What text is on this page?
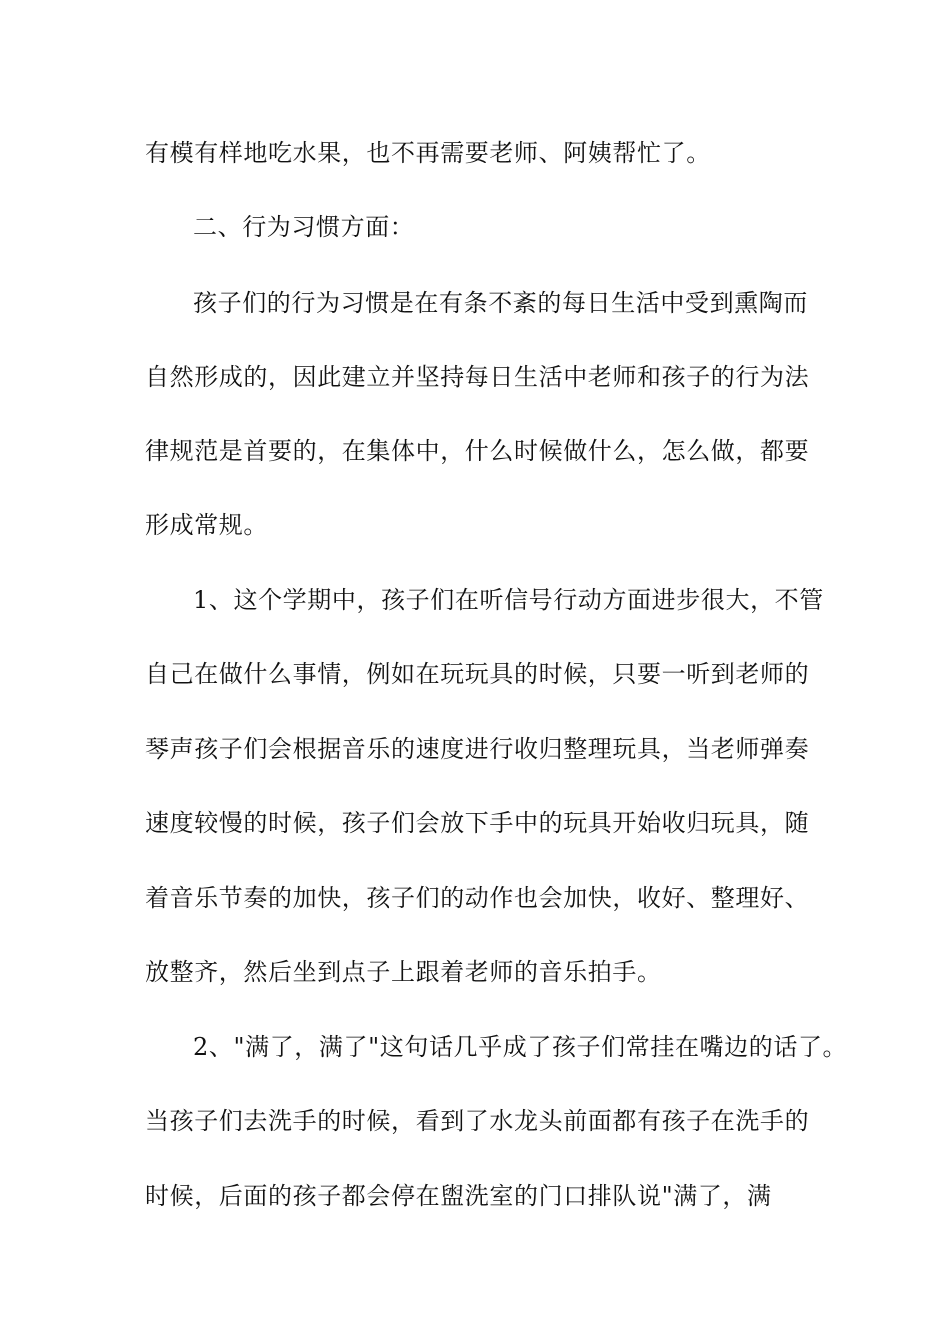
有模有样地吃水果，也不再需要老师、阿姨帮忙了。
二、行为习惯方面：
孩子们的行为习惯是在有条不紊的每日生活中受到熏陶而
自然形成的，因此建立并坚持每日生活中老师和孩子的行为法
律规范是首要的，在集体中，什么时候做什么，怎么做，都要
形成常规。
1、这个学期中，孩子们在听信号行动方面进步很大，不管
自己在做什么事情，例如在玩玩具的时候，只要一听到老师的
琴声孩子们会根据音乐的速度进行收归整理玩具，当老师弹奏
速度较慢的时候，孩子们会放下手中的玩具开始收归玩具，随
着音乐节奏的加快，孩子们的动作也会加快，收好、整理好、
放整齐，然后坐到点子上跟着老师的音乐拍手。
2、"满了，满了"这句话几乎成了孩子们常挂在嘴边的话了。
当孩子们去洗手的时候，看到了水龙头前面都有孩子在洗手的
时候，后面的孩子都会停在盥洗室的门口排队说"满了，满
